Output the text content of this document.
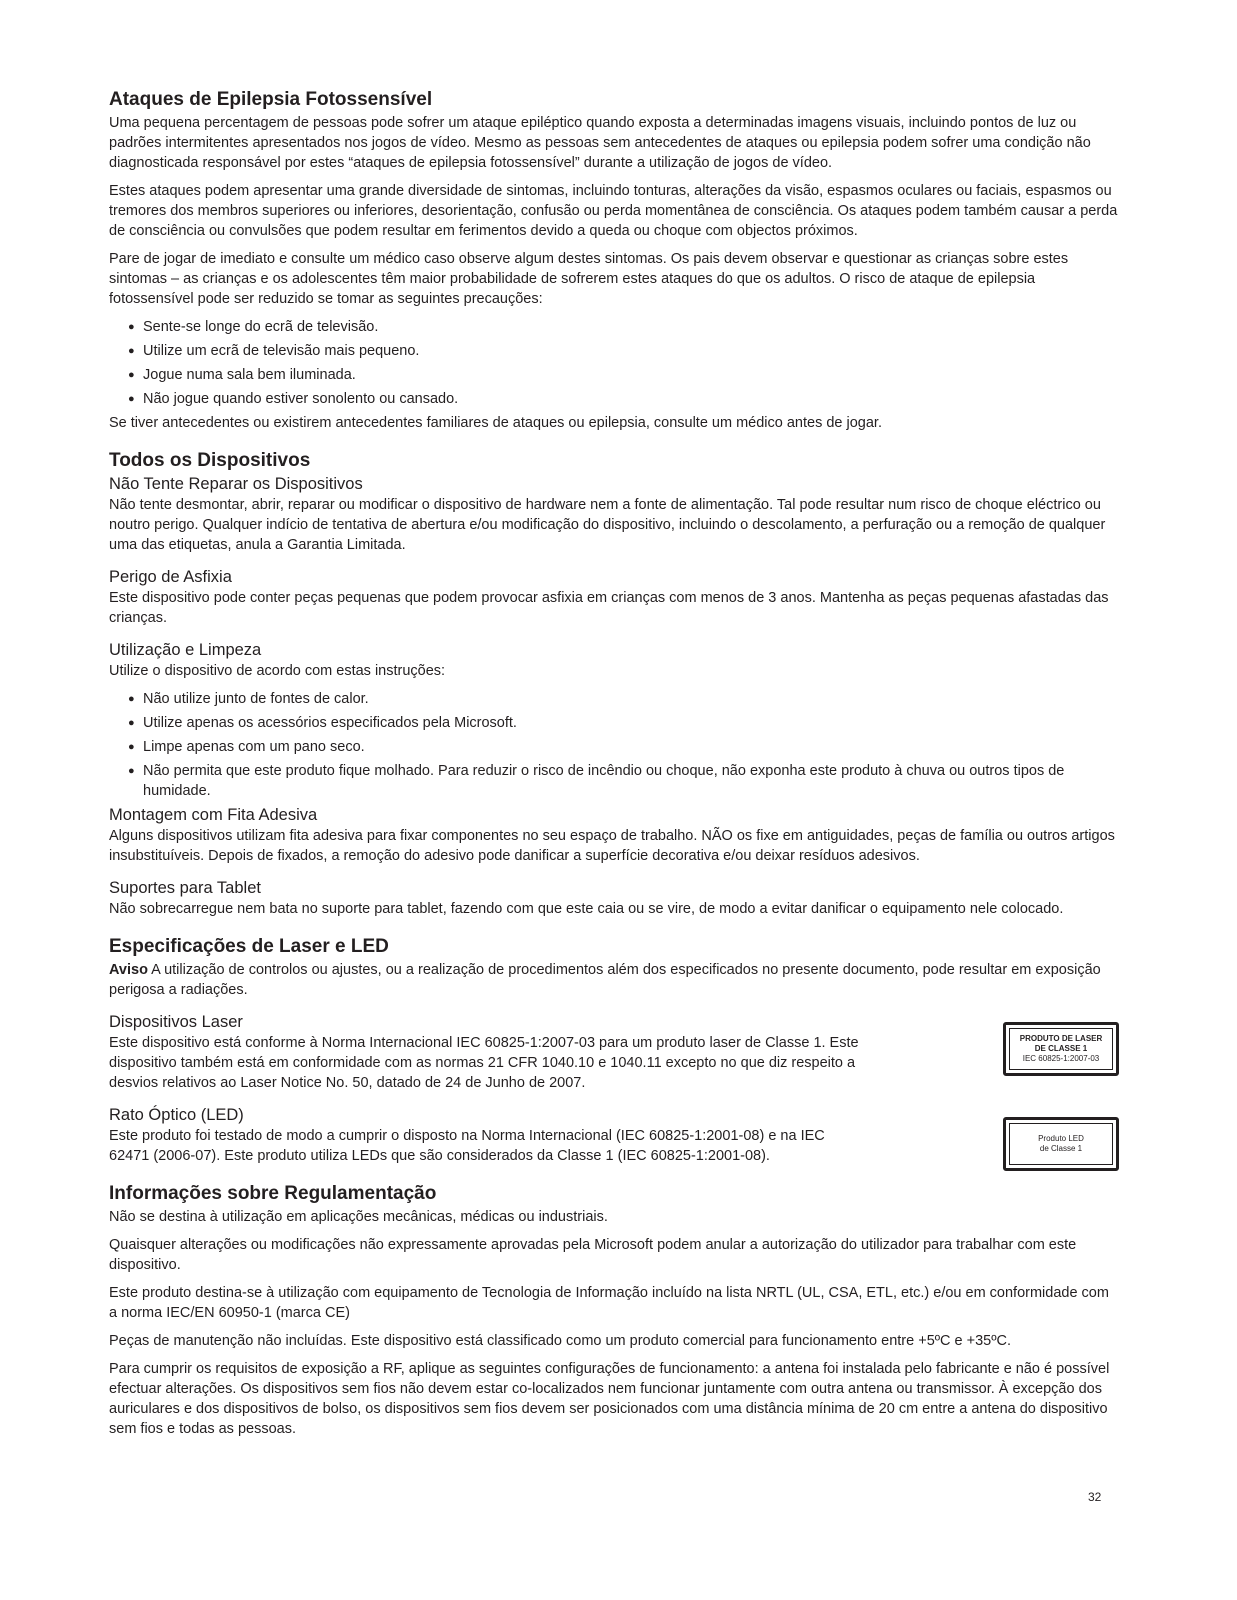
Ataques de Epilepsia Fotossensível

Uma pequena percentagem de pessoas pode sofrer um ataque epiléptico quando exposta a determinadas imagens visuais, incluindo pontos de luz ou padrões intermitentes apresentados nos jogos de vídeo. Mesmo as pessoas sem antecedentes de ataques ou epilepsia podem sofrer uma condição não diagnosticada responsável por estes “ataques de epilepsia fotossensível” durante a utilização de jogos de vídeo.

Estes ataques podem apresentar uma grande diversidade de sintomas, incluindo tonturas, alterações da visão, espasmos oculares ou faciais, espasmos ou tremores dos membros superiores ou inferiores, desorientação, confusão ou perda momentânea de consciência. Os ataques podem também causar a perda de consciência ou convulsões que podem resultar em ferimentos devido a queda ou choque com objectos próximos.

Pare de jogar de imediato e consulte um médico caso observe algum destes sintomas. Os pais devem observar e questionar as crianças sobre estes sintomas – as crianças e os adolescentes têm maior probabilidade de sofrerem estes ataques do que os adultos. O risco de ataque de epilepsia fotossensível pode ser reduzido se tomar as seguintes precauções:

● Sente-se longe do ecrã de televisão.
● Utilize um ecrã de televisão mais pequeno.
● Jogue numa sala bem iluminada.
● Não jogue quando estiver sonolento ou cansado.

Se tiver antecedentes ou existirem antecedentes familiares de ataques ou epilepsia, consulte um médico antes de jogar.

Todos os Dispositivos
Não Tente Reparar os Dispositivos

Não tente desmontar, abrir, reparar ou modificar o dispositivo de hardware nem a fonte de alimentação. Tal pode resultar num risco de choque eléctrico ou noutro perigo. Qualquer indício de tentativa de abertura e/ou modificação do dispositivo, incluindo o descolamento, a perfuração ou a remoção de qualquer uma das etiquetas, anula a Garantia Limitada.

Perigo de Asfixia

Este dispositivo pode conter peças pequenas que podem provocar asfixia em crianças com menos de 3 anos. Mantenha as peças pequenas afastadas das crianças.

Utilização e Limpeza

Utilize o dispositivo de acordo com estas instruções:

● Não utilize junto de fontes de calor.
● Utilize apenas os acessórios especificados pela Microsoft.
● Limpe apenas com um pano seco.
● Não permita que este produto fique molhado. Para reduzir o risco de incêndio ou choque, não exponha este produto à chuva ou outros tipos de humidade.
Montagem com Fita Adesiva

Alguns dispositivos utilizam fita adesiva para fixar componentes no seu espaço de trabalho. NÃO os fixe em antiguidades, peças de família ou outros artigos insubstituíveis. Depois de fixados, a remoção do adesivo pode danificar a superfície decorativa e/ou deixar resíduos adesivos.

Suportes para Tablet

Não sobrecarregue nem bata no suporte para tablet, fazendo com que este caia ou se vire, de modo a evitar danificar o equipamento nele colocado.

Especificações de Laser e LED

Aviso A utilização de controlos ou ajustes, ou a realização de procedimentos além dos especificados no presente documento, pode resultar em exposição perigosa a radiações.

Dispositivos Laser

Este dispositivo está conforme à Norma Internacional IEC 60825-1:2007-03 para um produto laser de Classe 1. Este dispositivo também está em conformidade com as normas 21 CFR 1040.10 e 1040.11 excepto no que diz respeito a desvios relativos ao Laser Notice No. 50, datado de 24 de Junho de 2007.

PRODUTO DE LASER
DE CLASSE 1
IEC 60825-1:2007-03
Rato Óptico (LED)

Este produto foi testado de modo a cumprir o disposto na Norma Internacional (IEC 60825-1:2001-08) e na IEC 62471 (2006-07). Este produto utiliza LEDs que são considerados da Classe 1 (IEC 60825-1:2001-08).

Produto LED
de Classe 1
Informações sobre Regulamentação

Não se destina à utilização em aplicações mecânicas, médicas ou industriais.

Quaisquer alterações ou modificações não expressamente aprovadas pela Microsoft podem anular a autorização do utilizador para trabalhar com este dispositivo.

Este produto destina-se à utilização com equipamento de Tecnologia de Informação incluído na lista NRTL (UL, CSA, ETL, etc.) e/ou em conformidade com a norma IEC/EN 60950-1 (marca CE)

Peças de manutenção não incluídas. Este dispositivo está classificado como um produto comercial para funcionamento entre +5ºC e +35ºC.

Para cumprir os requisitos de exposição a RF, aplique as seguintes configurações de funcionamento: a antena foi instalada pelo fabricante e não é possível efectuar alterações. Os dispositivos sem fios não devem estar co-localizados nem funcionar juntamente com outra antena ou transmissor. À excepção dos auriculares e dos dispositivos de bolso, os dispositivos sem fios devem ser posicionados com uma distância mínima de 20 cm entre a antena do dispositivo sem fios e todas as pessoas.

32
